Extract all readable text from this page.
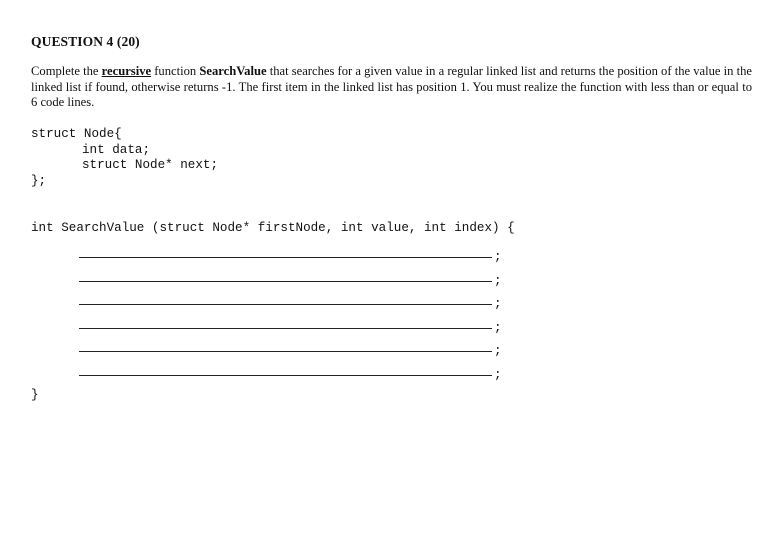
QUESTION 4 (20)
Complete the recursive function SearchValue that searches for a given value in a regular linked list and returns the position of the value in the linked list if found, otherwise returns -1. The first item in the linked list has position 1. You must realize the function with less than or equal to 6 code lines.
struct Node{
int data;
struct Node* next;
};
int SearchValue (struct Node* firstNode, int value, int index) {
;
;
;
;
;
;
}
